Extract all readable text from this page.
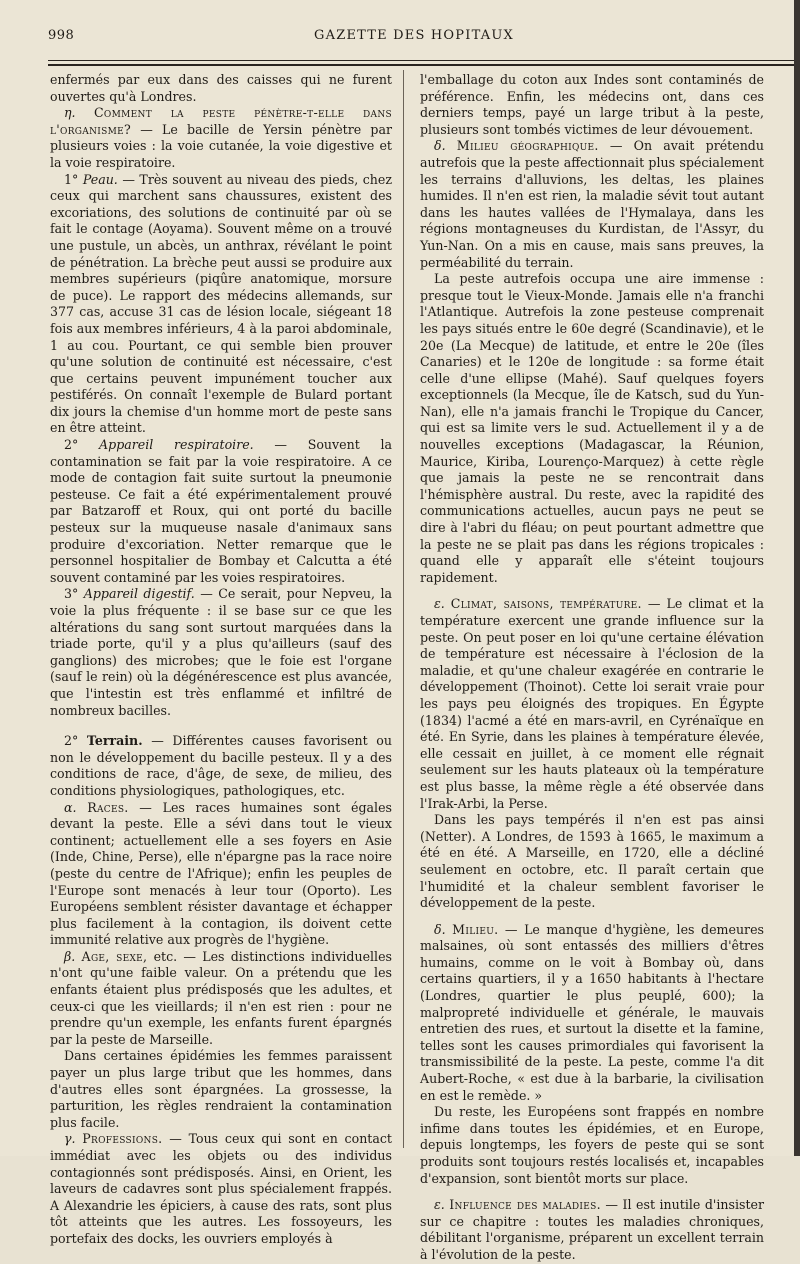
998	GAZETTE DES HOPITAUX

enfermés par eux dans des caisses qui ne furent ouvertes qu'à Londres.

η. Comment la peste pénètre-t-elle dans l'organisme? — Le bacille de Yersin pénètre par plusieurs voies : la voie cutanée, la voie digestive et la voie respiratoire.

1° Peau. — Très souvent au niveau des pieds, chez ceux qui marchent sans chaussures, existent des excoriations, des solutions de continuité par où se fait le contage (Aoyama). Souvent même on a trouvé une pustule, un abcès, un anthrax, révélant le point de pénétration. La brèche peut aussi se produire aux membres supérieurs (piqûre anatomique, morsure de puce). Le rapport des médecins allemands, sur 377 cas, accuse 31 cas de lésion locale, siégeant 18 fois aux membres inférieurs, 4 à la paroi abdominale, 1 au cou. Pourtant, ce qui semble bien prouver qu'une solution de continuité est nécessaire, c'est que certains peuvent impunément toucher aux pestiférés. On connaît l'exemple de Bulard portant dix jours la chemise d'un homme mort de peste sans en être atteint.

2° Appareil respiratoire. — Souvent la contamination se fait par la voie respiratoire. A ce mode de contagion fait suite surtout la pneumonie pesteuse. Ce fait a été expérimentalement prouvé par Batzaroff et Roux, qui ont porté du bacille pesteux sur la muqueuse nasale d'animaux sans produire d'excoriation. Netter remarque que le personnel hospitalier de Bombay et Calcutta a été souvent contaminé par les voies respiratoires.

3° Appareil digestif. — Ce serait, pour Nepveu, la voie la plus fréquente : il se base sur ce que les altérations du sang sont surtout marquées dans la triade porte, qu'il y a plus qu'ailleurs (sauf des ganglions) des microbes; que le foie est l'organe (sauf le rein) où la dégénérescence est plus avancée, que l'intestin est très enflammé et infiltré de nombreux bacilles.

2° Terrain. — Différentes causes favorisent ou non le développement du bacille pesteux. Il y a des conditions de race, d'âge, de sexe, de milieu, des conditions physiologiques, pathologiques, etc.

α. Races. — Les races humaines sont égales devant la peste. Elle a sévi dans tout le vieux continent; actuellement elle a ses foyers en Asie (Inde, Chine, Perse), elle n'épargne pas la race noire (peste du centre de l'Afrique); enfin les peuples de l'Europe sont menacés à leur tour (Oporto). Les Européens semblent résister davantage et échapper plus facilement à la contagion, ils doivent cette immunité relative aux progrès de l'hygiène.

β. Age, sexe, etc. — Les distinctions individuelles n'ont qu'une faible valeur. On a prétendu que les enfants étaient plus prédisposés que les adultes, et ceux-ci que les vieillards; il n'en est rien : pour ne prendre qu'un exemple, les enfants furent épargnés par la peste de Marseille.

Dans certaines épidémies les femmes paraissent payer un plus large tribut que les hommes, dans d'autres elles sont épargnées. La grossesse, la parturition, les règles rendraient la contamination plus facile.

γ. Professions. — Tous ceux qui sont en contact immédiat avec les objets ou des individus contagionnés sont prédisposés. Ainsi, en Orient, les laveurs de cadavres sont plus spécialement frappés. A Alexandrie les épiciers, à cause des rats, sont plus tôt atteints que les autres. Les fossoyeurs, les portefaix des docks, les ouvriers employés à

l'emballage du coton aux Indes sont contaminés de préférence. Enfin, les médecins ont, dans ces derniers temps, payé un large tribut à la peste, plusieurs sont tombés victimes de leur dévouement.

δ. Milieu géographique. — On avait prétendu autrefois que la peste affectionnait plus spécialement les terrains d'alluvions, les deltas, les plaines humides. Il n'en est rien, la maladie sévit tout autant dans les hautes vallées de l'Hymalaya, dans les régions montagneuses du Kurdistan, de l'Assyr, du Yun-Nan. On a mis en cause, mais sans preuves, la perméabilité du terrain.

La peste autrefois occupa une aire immense : presque tout le Vieux-Monde. Jamais elle n'a franchi l'Atlantique. Autrefois la zone pesteuse comprenait les pays situés entre le 60e degré (Scandinavie), et le 20e (La Mecque) de latitude, et entre le 20e (îles Canaries) et le 120e de longitude : sa forme était celle d'une ellipse (Mahé). Sauf quelques foyers exceptionnels (la Mecque, île de Katsch, sud du Yun-Nan), elle n'a jamais franchi le Tropique du Cancer, qui est sa limite vers le sud. Actuellement il y a de nouvelles exceptions (Madagascar, la Réunion, Maurice, Kiriba, Lourenço-Marquez) à cette règle que jamais la peste ne se rencontrait dans l'hémisphère austral. Du reste, avec la rapidité des communications actuelles, aucun pays ne peut se dire à l'abri du fléau; on peut pourtant admettre que la peste ne se plait pas dans les régions tropicales : quand elle y apparaît elle s'éteint toujours rapidement.

ε. Climat, saisons, température. — Le climat et la température exercent une grande influence sur la peste. On peut poser en loi qu'une certaine élévation de température est nécessaire à l'éclosion de la maladie, et qu'une chaleur exagérée en contrarie le développement (Thoinot). Cette loi serait vraie pour les pays peu éloignés des tropiques. En Égypte (1834) l'acmé a été en mars-avril, en Cyrénaïque en été. En Syrie, dans les plaines à température élevée, elle cessait en juillet, à ce moment elle régnait seulement sur les hauts plateaux où la température est plus basse, la même règle a été observée dans l'Irak-Arbi, la Perse.

Dans les pays tempérés il n'en est pas ainsi (Netter). A Londres, de 1593 à 1665, le maximum a été en été. A Marseille, en 1720, elle a décliné seulement en octobre, etc. Il paraît certain que l'humidité et la chaleur semblent favoriser le développement de la peste.

δ. Milieu. — Le manque d'hygiène, les demeures malsaines, où sont entassés des milliers d'êtres humains, comme on le voit à Bombay où, dans certains quartiers, il y a 1650 habitants à l'hectare (Londres, quartier le plus peuplé, 600); la malpropreté individuelle et générale, le mauvais entretien des rues, et surtout la disette et la famine, telles sont les causes primordiales qui favorisent la transmissibilité de la peste. La peste, comme l'a dit Aubert-Roche, « est due à la barbarie, la civilisation en est le remède. »

Du reste, les Européens sont frappés en nombre infime dans toutes les épidémies, et en Europe, depuis longtemps, les foyers de peste qui se sont produits sont toujours restés localisés et, incapables d'expansion, sont bientôt morts sur place.

ε. Influence des maladies. — Il est inutile d'insister sur ce chapitre : toutes les maladies chroniques, débilitant l'organisme, préparent un excellent terrain à l'évolution de la peste.
